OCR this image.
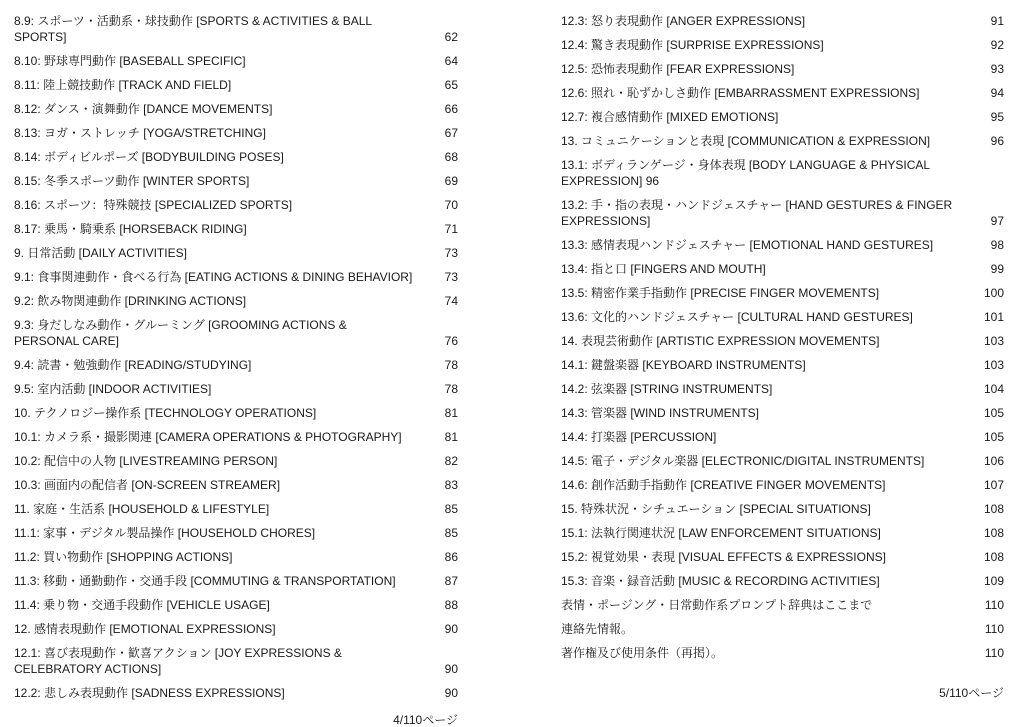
8.9: スポーツ・活動系・球技動作 [SPORTS & ACTIVITIES & BALL SPORTS]	62
8.10: 野球専門動作 [BASEBALL SPECIFIC]	64
8.11: 陸上競技動作 [TRACK AND FIELD]	65
8.12: ダンス・演舞動作 [DANCE MOVEMENTS]	66
8.13: ヨガ・ストレッチ [YOGA/STRETCHING]	67
8.14: ボディビルポーズ [BODYBUILDING POSES]	68
8.15: 冬季スポーツ動作 [WINTER SPORTS]	69
8.16: スポーツ：特殊競技 [SPECIALIZED SPORTS]	70
8.17: 乗馬・騎乗系 [HORSEBACK RIDING]	71
9. 日常活動 [DAILY ACTIVITIES]	73
9.1: 食事関連動作・食べる行為 [EATING ACTIONS & DINING BEHAVIOR]	73
9.2: 飲み物関連動作 [DRINKING ACTIONS]	74
9.3: 身だしなみ動作・グルーミング [GROOMING ACTIONS & PERSONAL CARE]	76
9.4: 読書・勉強動作 [READING/STUDYING]	78
9.5: 室内活動 [INDOOR ACTIVITIES]	78
10. テクノロジー操作系 [TECHNOLOGY OPERATIONS]	81
10.1: カメラ系・撮影関連 [CAMERA OPERATIONS & PHOTOGRAPHY]	81
10.2: 配信中の人物 [LIVESTREAMING PERSON]	82
10.3: 画面内の配信者 [ON-SCREEN STREAMER]	83
11. 家庭・生活系 [HOUSEHOLD & LIFESTYLE]	85
11.1: 家事・デジタル製品操作 [HOUSEHOLD CHORES]	85
11.2: 買い物動作 [SHOPPING ACTIONS]	86
11.3: 移動・通勤動作・交通手段 [COMMUTING & TRANSPORTATION]	87
11.4: 乗り物・交通手段動作 [VEHICLE USAGE]	88
12. 感情表現動作 [EMOTIONAL EXPRESSIONS]	90
12.1: 喜び表現動作・歓喜アクション [JOY EXPRESSIONS & CELEBRATORY ACTIONS]	90
12.2: 悲しみ表現動作 [SADNESS EXPRESSIONS]	90
4/110ページ
12.3: 怒り表現動作 [ANGER EXPRESSIONS]	91
12.4: 驚き表現動作 [SURPRISE EXPRESSIONS]	92
12.5: 恐怖表現動作 [FEAR EXPRESSIONS]	93
12.6: 照れ・恥ずかしさ動作 [EMBARRASSMENT EXPRESSIONS]	94
12.7: 複合感情動作 [MIXED EMOTIONS]	95
13. コミュニケーションと表現 [COMMUNICATION & EXPRESSION]	96
13.1: ボディランゲージ・身体表現 [BODY LANGUAGE & PHYSICAL EXPRESSION] 96
13.2: 手・指の表現・ハンドジェスチャー [HAND GESTURES & FINGER EXPRESSIONS]	97
13.3: 感情表現ハンドジェスチャー [EMOTIONAL HAND GESTURES]	98
13.4: 指と口 [FINGERS AND MOUTH]	99
13.5: 精密作業手指動作 [PRECISE FINGER MOVEMENTS]	100
13.6: 文化的ハンドジェスチャー [CULTURAL HAND GESTURES]	101
14. 表現芸術動作 [ARTISTIC EXPRESSION MOVEMENTS]	103
14.1: 鍵盤楽器 [KEYBOARD INSTRUMENTS]	103
14.2: 弦楽器 [STRING INSTRUMENTS]	104
14.3: 管楽器 [WIND INSTRUMENTS]	105
14.4: 打楽器 [PERCUSSION]	105
14.5: 電子・デジタル楽器 [ELECTRONIC/DIGITAL INSTRUMENTS]	106
14.6: 創作活動手指動作 [CREATIVE FINGER MOVEMENTS]	107
15. 特殊状況・シチュエーション [SPECIAL SITUATIONS]	108
15.1: 法執行関連状況 [LAW ENFORCEMENT SITUATIONS]	108
15.2: 視覚効果・表現 [VISUAL EFFECTS & EXPRESSIONS]	108
15.3: 音楽・録音活動 [MUSIC & RECORDING ACTIVITIES]	109
表情・ポージング・日常動作系プロンプト辞典はここまで	110
連絡先情報。	110
著作権及び使用条件（再掲）。	110
5/110ページ
